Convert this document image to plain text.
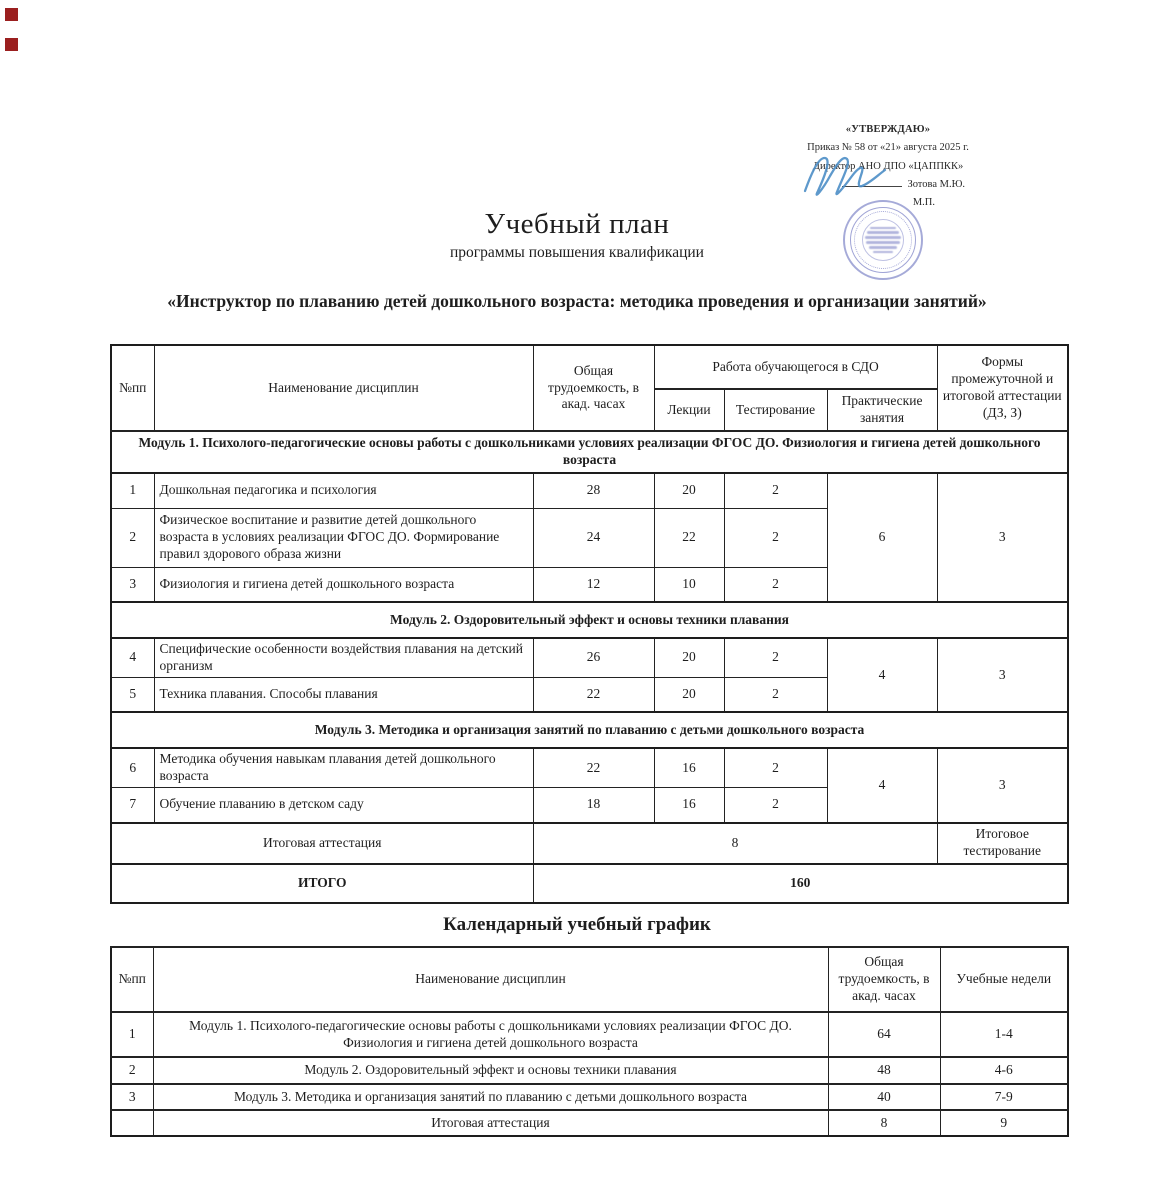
«УТВЕРЖДАЮ»
Приказ № 58 от «21» августа 2025 г.
Директор АНО ДПО «ЦАППКК»
Зотова М.Ю.
М.П.
Учебный план
программы повышения квалификации
«Инструктор по плаванию детей дошкольного возраста: методика проведения и организации занятий»
№пп	Наименование дисциплин	Общая трудоемкость, в акад. часах	Работа обучающегося в СДО			Формы промежуточной и итоговой аттестации (ДЗ, З)
			Лекции	Тестирование	Практические занятия	
Модуль 1. Психолого-педагогические основы работы с дошкольниками условиях реализации ФГОС ДО. Физиология и гигиена детей дошкольного возраста						
1	Дошкольная педагогика и психология	28	20	2	6	3
2	Физическое воспитание и развитие детей дошкольного возраста в условиях реализации ФГОС ДО. Формирование правил здорового образа жизни	24	22	2		
3	Физиология и гигиена детей дошкольного возраста	12	10	2		
Модуль 2. Оздоровительный эффект и основы техники плавания						
4	Специфические особенности воздействия плавания на детский организм	26	20	2	4	3
5	Техника плавания. Способы плавания	22	20	2		
Модуль 3. Методика и организация занятий по плаванию с детьми дошкольного возраста						
6	Методика обучения навыкам плавания детей дошкольного возраста	22	16	2	4	3
7	Обучение плаванию в детском саду	18	16	2		
Итоговая аттестация		8				Итоговое тестирование
ИТОГО		160				
Календарный учебный график
№пп	Наименование дисциплин	Общая трудоемкость, в акад. часах	Учебные недели
1	Модуль 1. Психолого-педагогические основы работы с дошкольниками условиях реализации ФГОС ДО. Физиология и гигиена детей дошкольного возраста	64	1-4
2	Модуль 2. Оздоровительный эффект и основы техники плавания	48	4-6
3	Модуль 3. Методика и организация занятий по плаванию с детьми дошкольного возраста	40	7-9
	Итоговая аттестация	8	9
